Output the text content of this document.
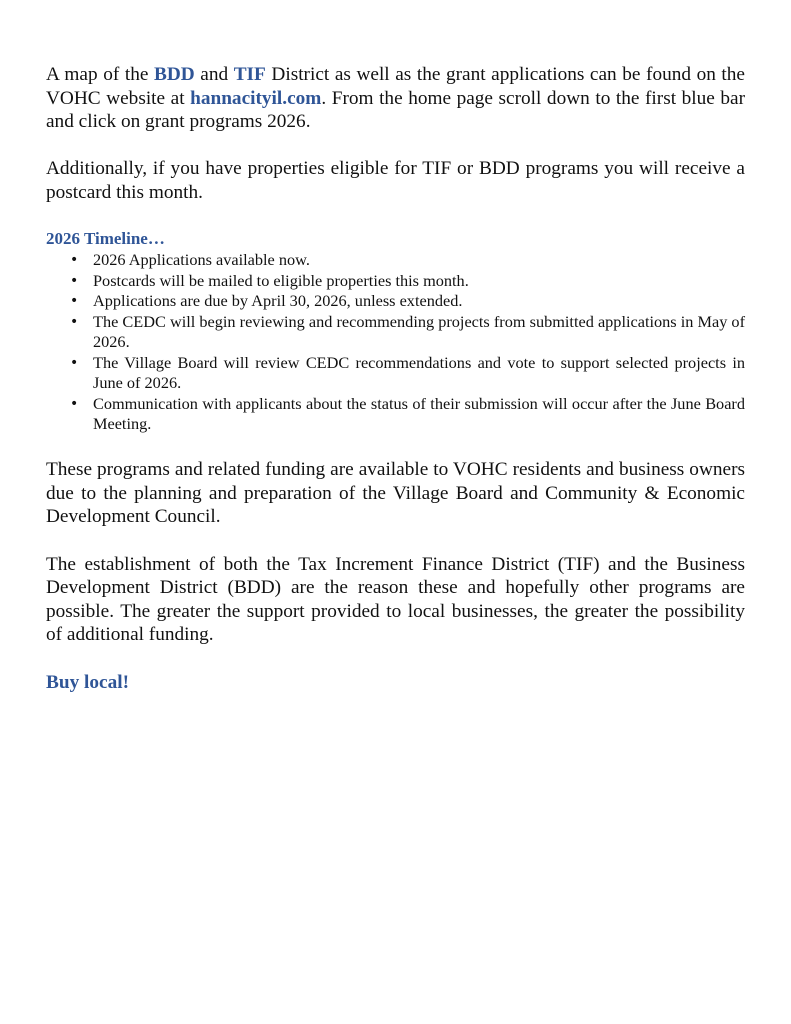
A map of the BDD and TIF District as well as the grant applications can be found on the VOHC website at hannacityil.com. From the home page scroll down to the first blue bar and click on grant programs 2026.

Additionally, if you have properties eligible for TIF or BDD programs you will receive a postcard this month.

2026 Timeline…
• 2026 Applications available now.
• Postcards will be mailed to eligible properties this month.
• Applications are due by April 30, 2026, unless extended.
• The CEDC will begin reviewing and recommending projects from submitted applications in May of 2026.
• The Village Board will review CEDC recommendations and vote to support selected projects in June of 2026.
• Communication with applicants about the status of their submission will occur after the June Board Meeting.

These programs and related funding are available to VOHC residents and business owners due to the planning and preparation of the Village Board and Community & Economic Development Council.

The establishment of both the Tax Increment Finance District (TIF) and the Business Development District (BDD) are the reason these and hopefully other programs are possible. The greater the support provided to local businesses, the greater the possibility of additional funding.

Buy local!
